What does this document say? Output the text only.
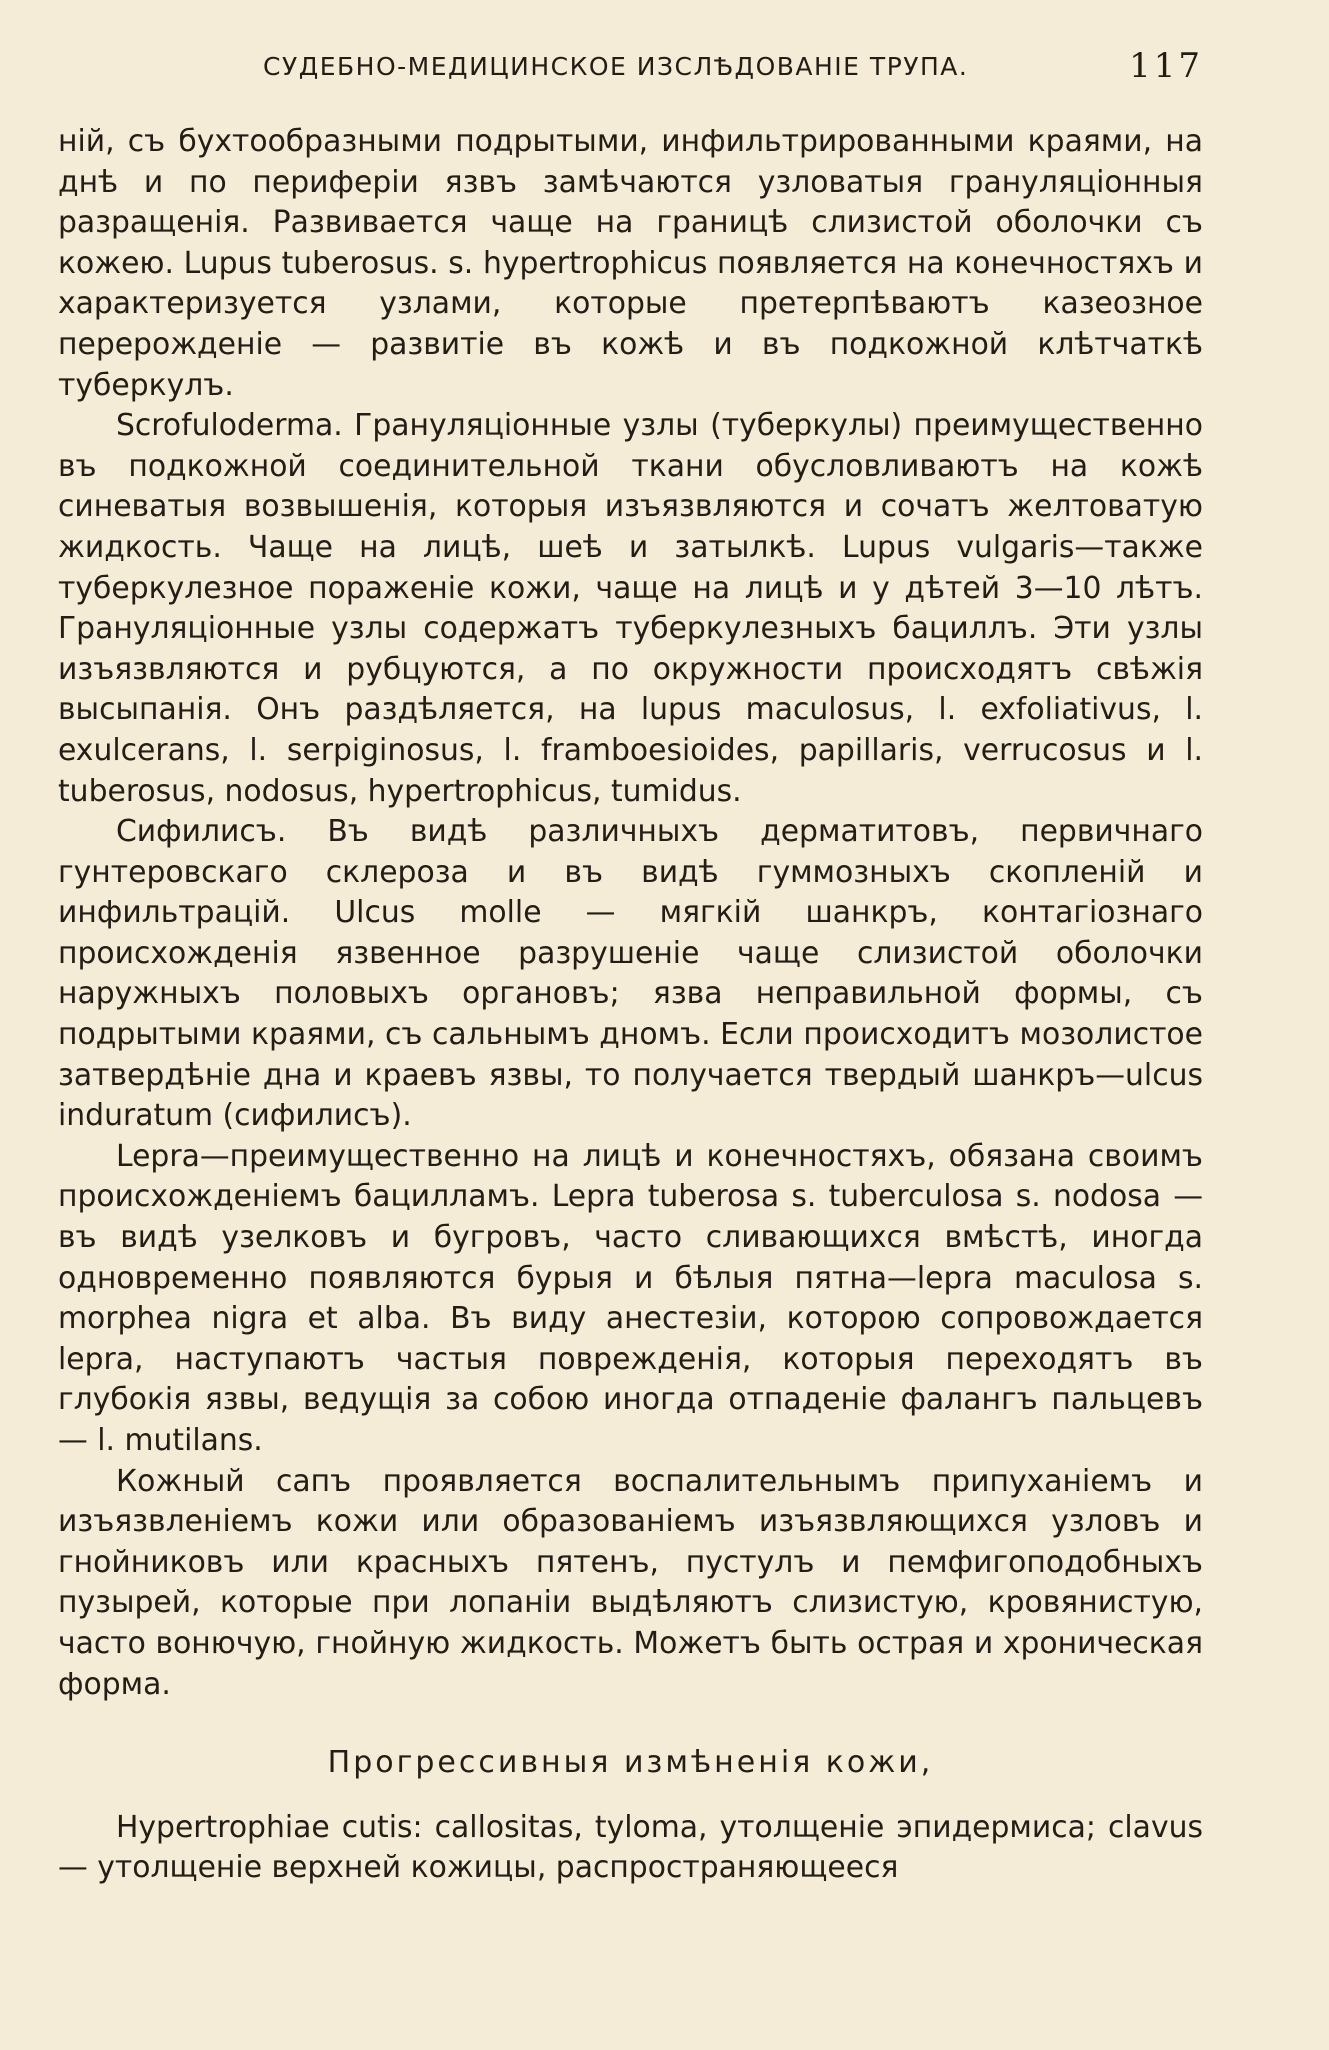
СУДЕБНО-МЕДИЦИНСКОЕ ИЗСЛѢДОВАНІЕ ТРУПА.	117

ній, съ бухтообразными подрытыми, инфильтрированными краями, на днѣ и по периферіи язвъ замѣчаются узловатыя грануляціонныя разращенія. Развивается чаще на границѣ слизистой оболочки съ кожею. Lupus tuberosus. s. hypertrophicus появляется на конечностяхъ и характеризуется узлами, которые претерпѣваютъ казеозное перерожденіе — развитіе въ кожѣ и въ подкожной клѣтчаткѣ туберкулъ.

Scrofuloderma. Грануляціонные узлы (туберкулы) преимущественно въ подкожной соединительной ткани обусловливаютъ на кожѣ синеватыя возвышенія, которыя изъязвляются и сочатъ желтоватую жидкость. Чаще на лицѣ, шеѣ и затылкѣ. Lupus vulgaris—также туберкулезное пораженіе кожи, чаще на лицѣ и у дѣтей 3—10 лѣтъ. Грануляціонные узлы содержатъ туберкулезныхъ бациллъ. Эти узлы изъязвляются и рубцуются, а по окружности происходятъ свѣжія высыпанія. Онъ раздѣляется, на lupus maculosus, l. exfoliativus, l. exulcerans, l. serpiginosus, l. framboesioides, papillaris, verrucosus и l. tuberosus, nodosus, hypertrophicus, tumidus.

Сифилисъ. Въ видѣ различныхъ дерматитовъ, первичнаго гунтеровскаго склероза и въ видѣ гуммозныхъ скопленій и инфильтрацій. Ulcus molle — мягкій шанкръ, контагіознаго происхожденія язвенное разрушеніе чаще слизистой оболочки наружныхъ половыхъ органовъ; язва неправильной формы, съ подрытыми краями, съ сальнымъ дномъ. Если происходитъ мозолистое затвердѣніе дна и краевъ язвы, то получается твердый шанкръ—ulcus induratum (сифилисъ).

Lepra—преимущественно на лицѣ и конечностяхъ, обязана своимъ происхожденіемъ бацилламъ. Lepra tuberosa s. tuberculosa s. nodosa — въ видѣ узелковъ и бугровъ, часто сливающихся вмѣстѣ, иногда одновременно появляются бурыя и бѣлыя пятна—lepra maculosa s. morphea nigra et alba. Въ виду анестезіи, которою сопровождается lepra, наступаютъ частыя поврежденія, которыя переходятъ въ глубокія язвы, ведущія за собою иногда отпаденіе фалангъ пальцевъ — l. mutilans.

Кожный сапъ проявляется воспалительнымъ припуханіемъ и изъязвленіемъ кожи или образованіемъ изъязвляющихся узловъ и гнойниковъ или красныхъ пятенъ, пустулъ и пемфигоподобныхъ пузырей, которые при лопаніи выдѣляютъ слизистую, кровянистую, часто вонючую, гнойную жидкость. Можетъ быть острая и хроническая форма.

Прогрессивныя измѣненія кожи,

Hypertrophiae cutis: callositas, tyloma, утолщеніе эпидермиса; clavus — утолщеніе верхней кожицы, распространяющееся
